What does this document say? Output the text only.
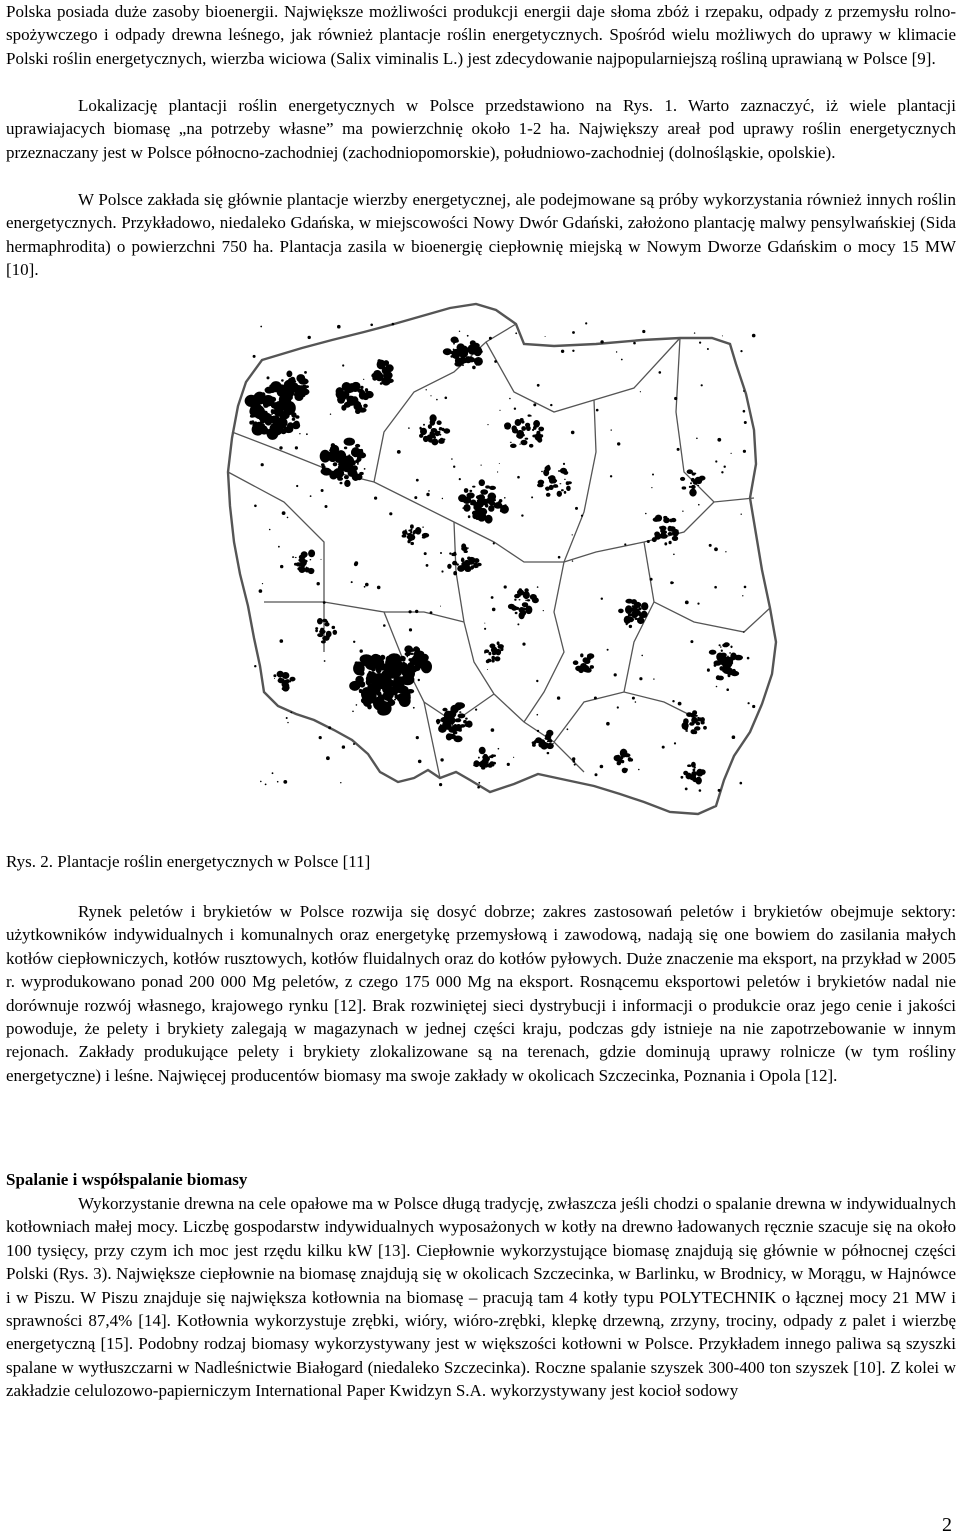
Polska posiada duże zasoby bioenergii. Największe możliwości produkcji energii daje słoma zbóż i rzepaku, odpady z przemysłu rolno-spożywczego i odpady drewna leśnego, jak również plantacje roślin energetycznych. Spośród wielu możliwych do uprawy w klimacie Polski roślin energetycznych, wierzba wiciowa (Salix viminalis L.) jest zdecydowanie najpopularniejszą rośliną uprawianą w Polsce [9].

Lokalizację plantacji roślin energetycznych w Polsce przedstawiono na Rys. 1. Warto zaznaczyć, iż wiele plantacji uprawiajacych biomasę „na potrzeby własne” ma powierzchnię około 1-2 ha. Największy areał pod uprawy roślin energetycznych przeznaczany jest w Polsce północno-zachodniej (zachodniopomorskie), południowo-zachodniej (dolnośląskie, opolskie).

W Polsce zakłada się głównie plantacje wierzby energetycznej, ale podejmowane są próby wykorzystania również innych roślin energetycznych. Przykładowo, niedaleko Gdańska, w miejscowości Nowy Dwór Gdański, założono plantację malwy pensylwańskiej (Sida hermaphrodita) o powierzchni 750 ha. Plantacja zasila w bioenergię ciepłownię miejską w Nowym Dworze Gdańskim o mocy 15 MW [10].

Rys. 2. Plantacje roślin energetycznych w Polsce [11]

Rynek peletów i brykietów w Polsce rozwija się dosyć dobrze; zakres zastosowań peletów i brykietów obejmuje sektory: użytkowników indywidualnych i komunalnych oraz energetykę przemysłową i zawodową, nadają się one bowiem do zasilania małych kotłów ciepłowniczych, kotłów rusztowych, kotłów fluidalnych oraz do kotłów pyłowych. Duże znaczenie ma eksport, na przykład w 2005 r. wyprodukowano ponad 200 000 Mg peletów, z czego 175 000 Mg na eksport. Rosnącemu eksportowi peletów i brykietów nadal nie dorównuje rozwój własnego, krajowego rynku [12]. Brak rozwiniętej sieci dystrybucji i informacji o produkcie oraz jego cenie i jakości powoduje, że pelety i brykiety zalegają w magazynach w jednej części kraju, podczas gdy istnieje na nie zapotrzebowanie w innym rejonach. Zakłady produkujące pelety i brykiety zlokalizowane są na terenach, gdzie dominują uprawy rolnicze (w tym rośliny energetyczne) i leśne. Najwięcej producentów biomasy ma swoje zakłady w okolicach Szczecinka, Poznania i Opola [12].

Spalanie i współspalanie biomasy

Wykorzystanie drewna na cele opałowe ma w Polsce długą tradycję, zwłaszcza jeśli chodzi o spalanie drewna w indywidualnych kotłowniach małej mocy. Liczbę gospodarstw indywidualnych wyposażonych w kotły na drewno ładowanych ręcznie szacuje się na około 100 tysięcy, przy czym ich moc jest rzędu kilku kW [13]. Ciepłownie wykorzystujące biomasę znajdują się głównie w północnej części Polski (Rys. 3). Największe ciepłownie na biomasę znajdują się w okolicach Szczecinka, w Barlinku, w Brodnicy, w Morągu, w Hajnówce i w Piszu. W Piszu znajduje się największa kotłownia na biomasę – pracują tam 4 kotły typu POLYTECHNIK o łącznej mocy 21 MW i sprawności 87,4% [14]. Kotłownia wykorzystuje zrębki, wióry, wióro-zrębki, klepkę drzewną, zrzyny, trociny, odpady z palet i wierzbę energetyczną [15]. Podobny rodzaj biomasy wykorzystywany jest w większości kotłowni w Polsce. Przykładem innego paliwa są szyszki spalane w wytłuszczarni w Nadleśnictwie Białogard (niedaleko Szczecinka). Roczne spalanie szyszek 300-400 ton szyszek [10]. Z kolei w zakładzie celulozowo-papierniczym International Paper Kwidzyn S.A. wykorzystywany jest kocioł sodowy

2
